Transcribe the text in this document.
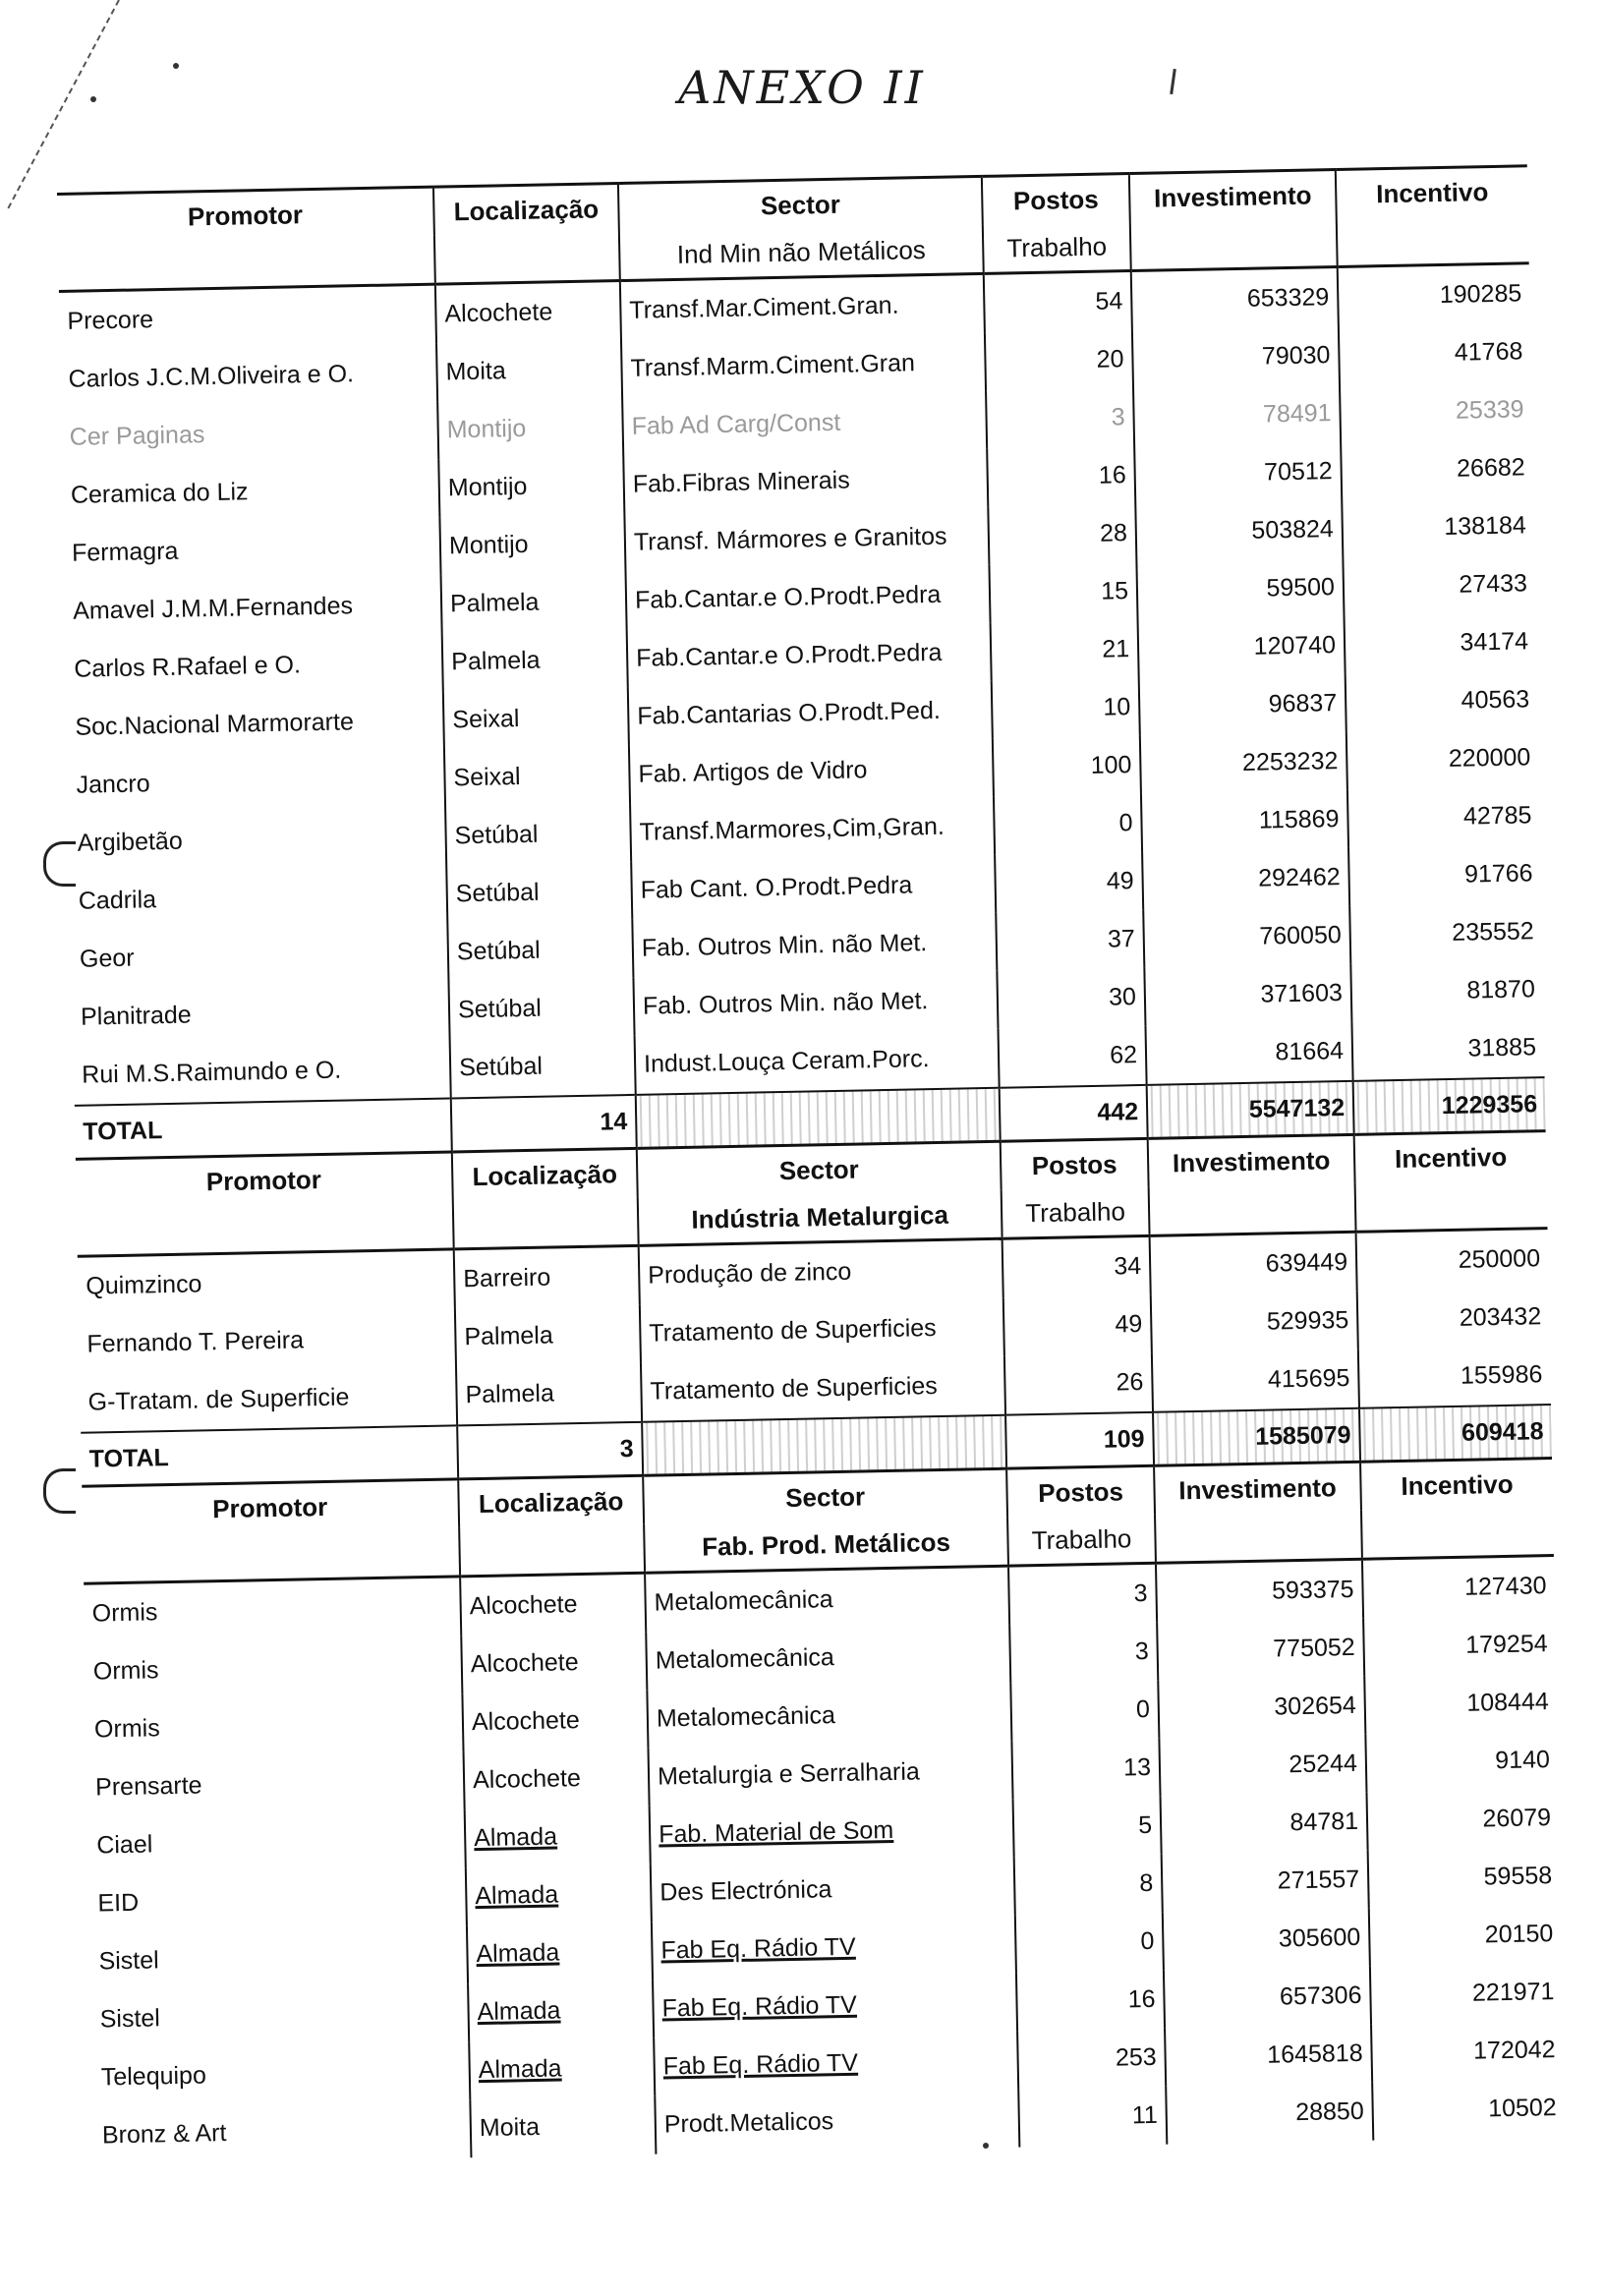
ANEXO II
Promotor	Localização	Sector	Postos	Investimento	Incentivo
		Ind Min não Metálicos	Trabalho		
Precore	Alcochete	Transf.Mar.Ciment.Gran.	54	653329	190285
Carlos J.C.M.Oliveira e O.	Moita	Transf.Marm.Ciment.Gran	20	79030	41768
Cer Paginas	Montijo	Fab Ad Carg/Const	3	78491	25339
Ceramica do Liz	Montijo	Fab.Fibras Minerais	16	70512	26682
Fermagra	Montijo	Transf. Mármores e Granitos	28	503824	138184
Amavel J.M.M.Fernandes	Palmela	Fab.Cantar.e O.Prodt.Pedra	15	59500	27433
Carlos R.Rafael e O.	Palmela	Fab.Cantar.e O.Prodt.Pedra	21	120740	34174
Soc.Nacional Marmorarte	Seixal	Fab.Cantarias O.Prodt.Ped.	10	96837	40563
Jancro	Seixal	Fab. Artigos de Vidro	100	2253232	220000
Argibetão	Setúbal	Transf.Marmores,Cim,Gran.	0	115869	42785
Cadrila	Setúbal	Fab Cant. O.Prodt.Pedra	49	292462	91766
Geor	Setúbal	Fab. Outros Min. não Met.	37	760050	235552
Planitrade	Setúbal	Fab. Outros Min. não Met.	30	371603	81870
Rui M.S.Raimundo e O.	Setúbal	Indust.Louça Ceram.Porc.	62	81664	31885
TOTAL	14		442	5547132	1229356
Promotor	Localização	Sector	Postos	Investimento	Incentivo
		Indústria Metalurgica	Trabalho		
Quimzinco	Barreiro	Produção de zinco	34	639449	250000
Fernando T. Pereira	Palmela	Tratamento de Superficies	49	529935	203432
G-Tratam. de Superficie	Palmela	Tratamento de Superficies	26	415695	155986
TOTAL	3		109	1585079	609418
Promotor	Localização	Sector	Postos	Investimento	Incentivo
		Fab. Prod. Metálicos	Trabalho		
Ormis	Alcochete	Metalomecânica	3	593375	127430
Ormis	Alcochete	Metalomecânica	3	775052	179254
Ormis	Alcochete	Metalomecânica	0	302654	108444
Prensarte	Alcochete	Metalurgia e Serralharia	13	25244	9140
Ciael	Almada	Fab. Material de Som	5	84781	26079
EID	Almada	Des Electrónica	8	271557	59558
Sistel	Almada	Fab Eq. Rádio TV	0	305600	20150
Sistel	Almada	Fab Eq. Rádio TV	16	657306	221971
Telequipo	Almada	Fab Eq. Rádio TV	253	1645818	172042
Bronz & Art	Moita	Prodt.Metalicos	11	28850	10502
